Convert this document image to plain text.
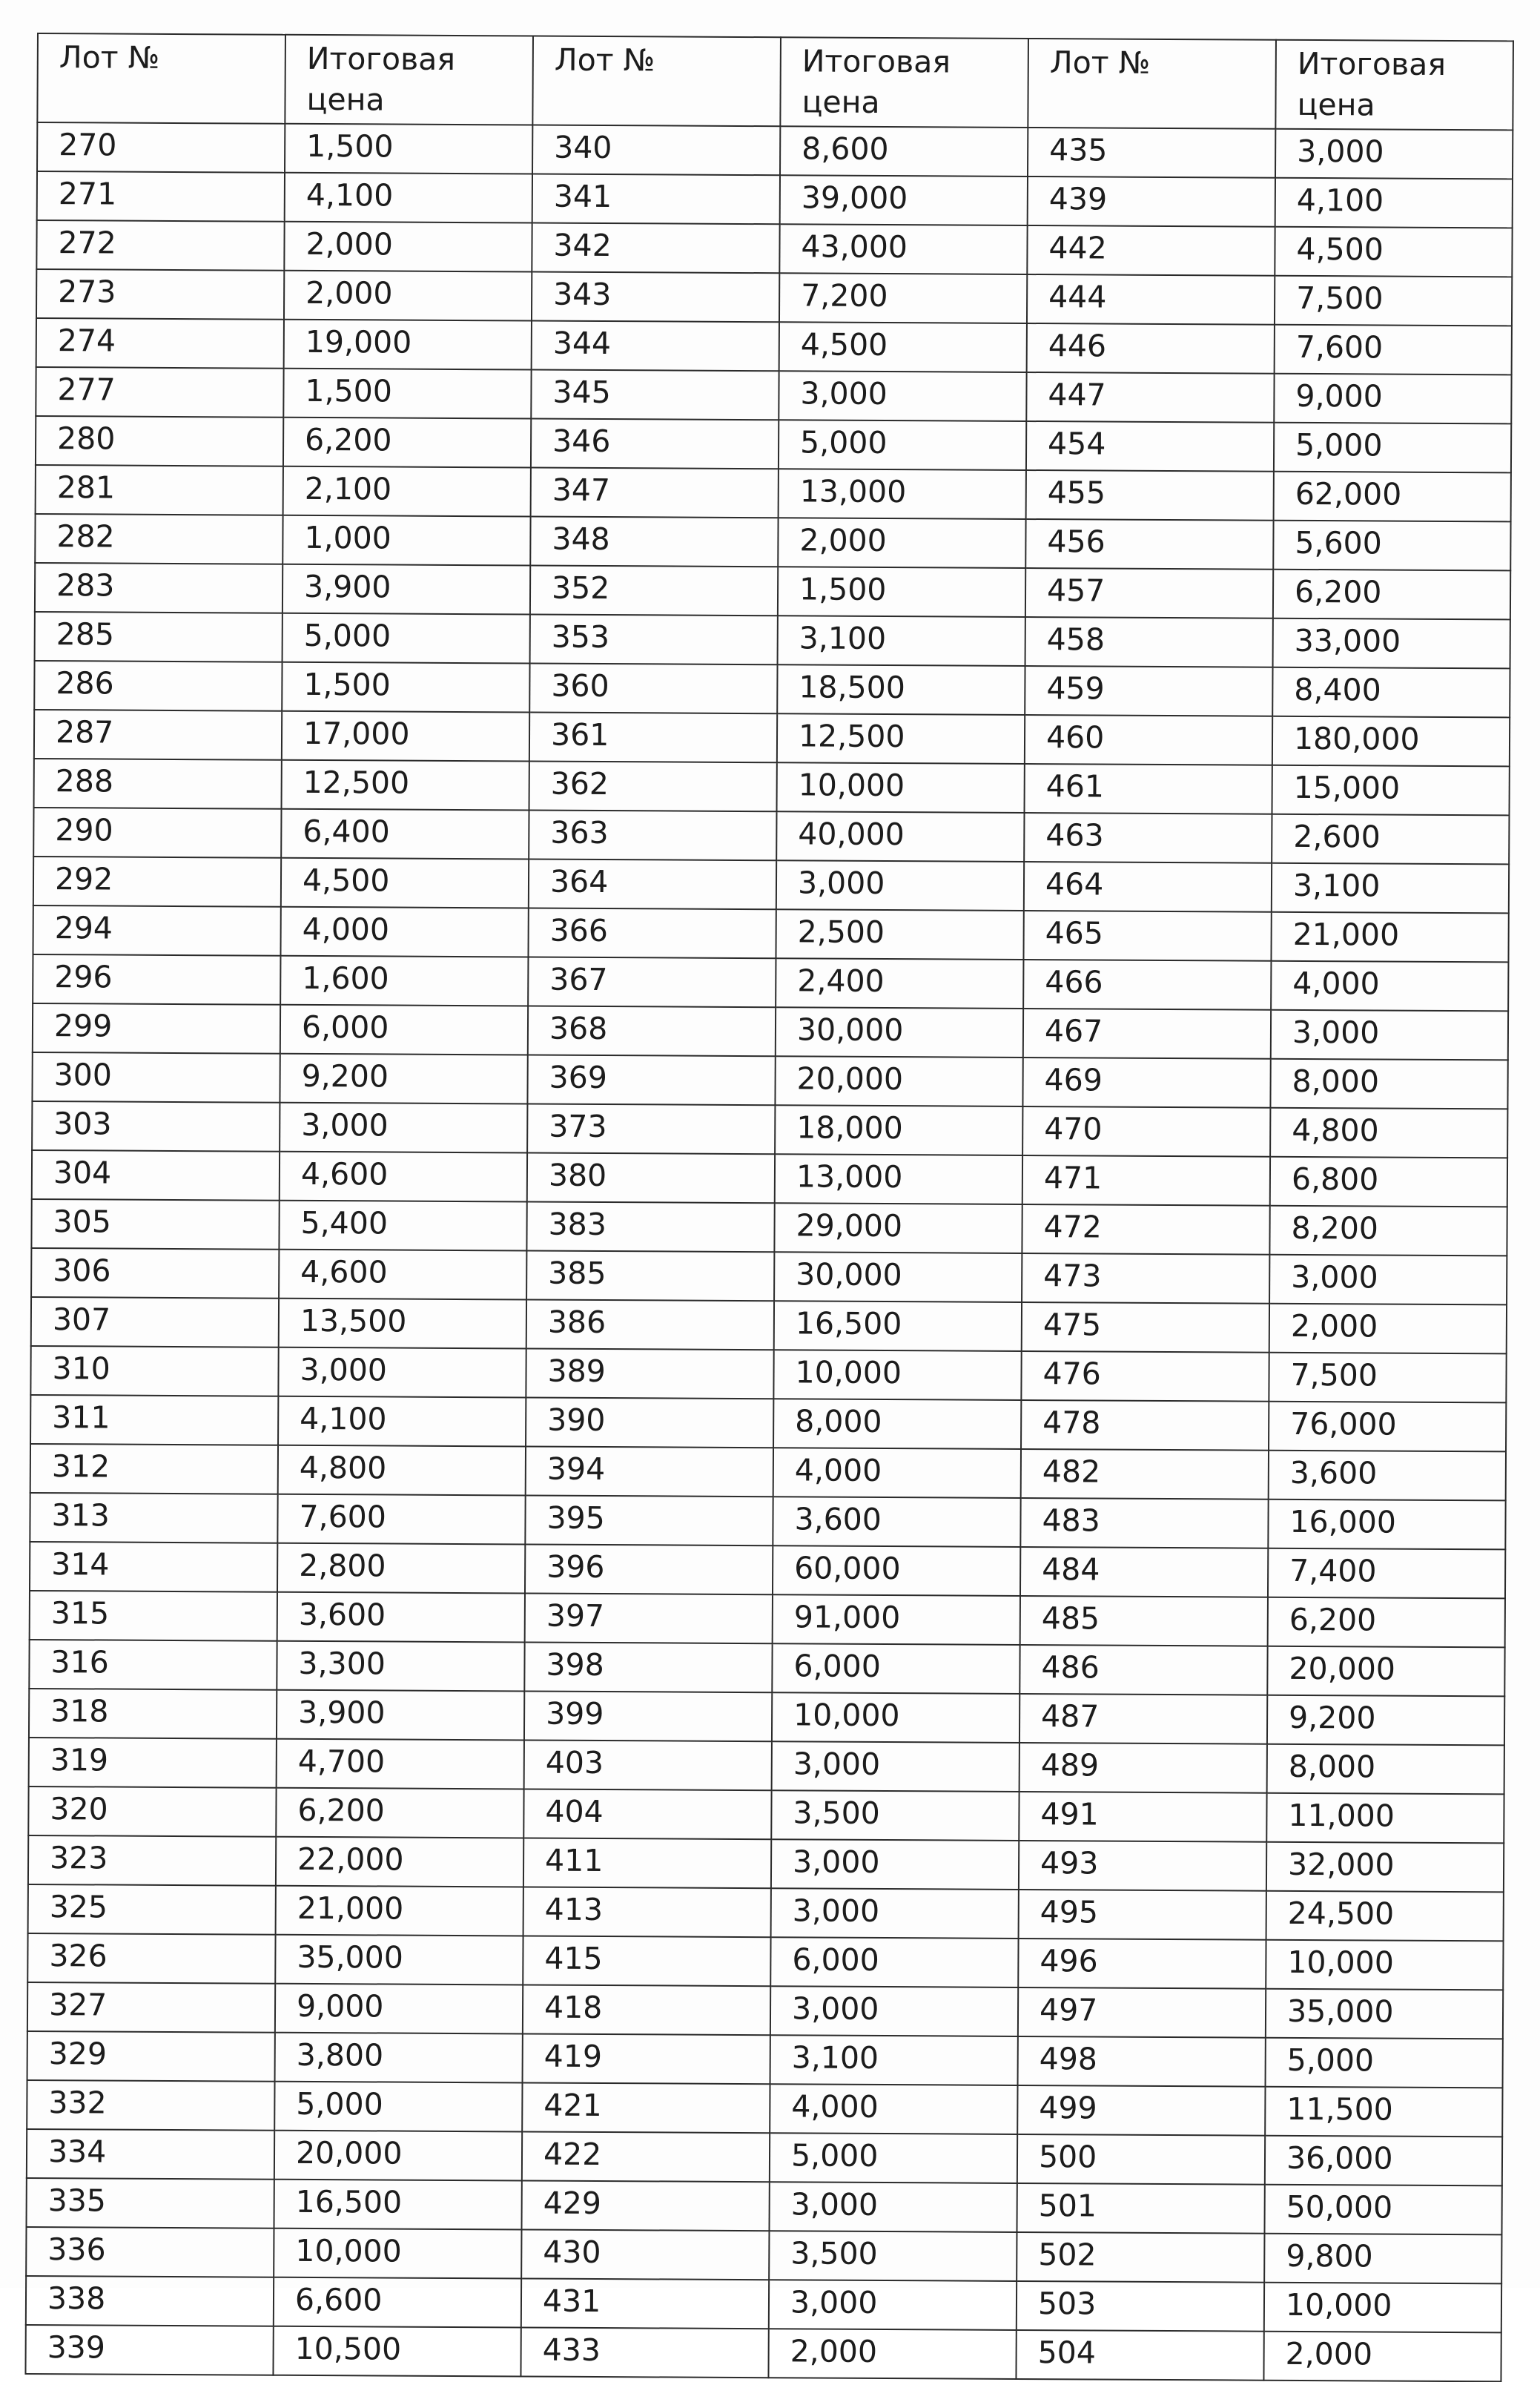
Лот №	Итоговая цена	Лот №	Итоговая цена	Лот №	Итоговая цена
270	1,500	340	8,600	435	3,000
271	4,100	341	39,000	439	4,100
272	2,000	342	43,000	442	4,500
273	2,000	343	7,200	444	7,500
274	19,000	344	4,500	446	7,600
277	1,500	345	3,000	447	9,000
280	6,200	346	5,000	454	5,000
281	2,100	347	13,000	455	62,000
282	1,000	348	2,000	456	5,600
283	3,900	352	1,500	457	6,200
285	5,000	353	3,100	458	33,000
286	1,500	360	18,500	459	8,400
287	17,000	361	12,500	460	180,000
288	12,500	362	10,000	461	15,000
290	6,400	363	40,000	463	2,600
292	4,500	364	3,000	464	3,100
294	4,000	366	2,500	465	21,000
296	1,600	367	2,400	466	4,000
299	6,000	368	30,000	467	3,000
300	9,200	369	20,000	469	8,000
303	3,000	373	18,000	470	4,800
304	4,600	380	13,000	471	6,800
305	5,400	383	29,000	472	8,200
306	4,600	385	30,000	473	3,000
307	13,500	386	16,500	475	2,000
310	3,000	389	10,000	476	7,500
311	4,100	390	8,000	478	76,000
312	4,800	394	4,000	482	3,600
313	7,600	395	3,600	483	16,000
314	2,800	396	60,000	484	7,400
315	3,600	397	91,000	485	6,200
316	3,300	398	6,000	486	20,000
318	3,900	399	10,000	487	9,200
319	4,700	403	3,000	489	8,000
320	6,200	404	3,500	491	11,000
323	22,000	411	3,000	493	32,000
325	21,000	413	3,000	495	24,500
326	35,000	415	6,000	496	10,000
327	9,000	418	3,000	497	35,000
329	3,800	419	3,100	498	5,000
332	5,000	421	4,000	499	11,500
334	20,000	422	5,000	500	36,000
335	16,500	429	3,000	501	50,000
336	10,000	430	3,500	502	9,800
338	6,600	431	3,000	503	10,000
339	10,500	433	2,000	504	2,000
